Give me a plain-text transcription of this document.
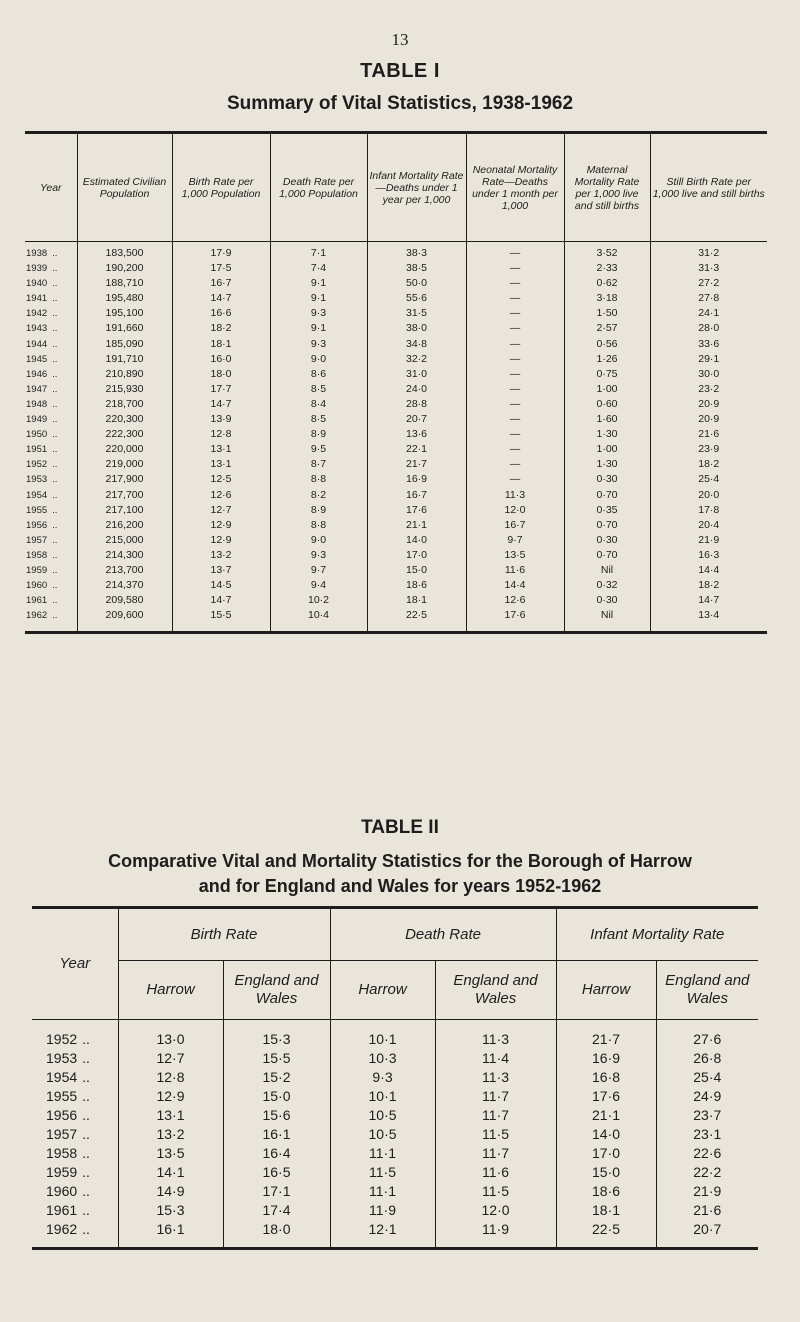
13
TABLE I
Summary of Vital Statistics, 1938-1962
Year	Estimated Civilian Population	Birth Rate per 1,000 Population	Death Rate per 1,000 Population	Infant Mortality Rate—Deaths under 1 year per 1,000	Neonatal Mortality Rate—Deaths under 1 month per 1,000	Maternal Mortality Rate per 1,000 live and still births	Still Birth Rate per 1,000 live and still births
1938 ..	183,500	17·9	7·1	38·3	—	3·52	31·2
1939 ..	190,200	17·5	7·4	38·5	—	2·33	31·3
1940 ..	188,710	16·7	9·1	50·0	—	0·62	27·2
1941 ..	195,480	14·7	9·1	55·6	—	3·18	27·8
1942 ..	195,100	16·6	9·3	31·5	—	1·50	24·1
1943 ..	191,660	18·2	9·1	38·0	—	2·57	28·0
1944 ..	185,090	18·1	9·3	34·8	—	0·56	33·6
1945 ..	191,710	16·0	9·0	32·2	—	1·26	29·1
1946 ..	210,890	18·0	8·6	31·0	—	0·75	30·0
1947 ..	215,930	17·7	8·5	24·0	—	1·00	23·2
1948 ..	218,700	14·7	8·4	28·8	—	0·60	20·9
1949 ..	220,300	13·9	8·5	20·7	—	1·60	20·9
1950 ..	222,300	12·8	8·9	13·6	—	1·30	21·6
1951 ..	220,000	13·1	9·5	22·1	—	1·00	23·9
1952 ..	219,000	13·1	8·7	21·7	—	1·30	18·2
1953 ..	217,900	12·5	8·8	16·9	—	0·30	25·4
1954 ..	217,700	12·6	8·2	16·7	11·3	0·70	20·0
1955 ..	217,100	12·7	8·9	17·6	12·0	0·35	17·8
1956 ..	216,200	12·9	8·8	21·1	16·7	0·70	20·4
1957 ..	215,000	12·9	9·0	14·0	9·7	0·30	21·9
1958 ..	214,300	13·2	9·3	17·0	13·5	0·70	16·3
1959 ..	213,700	13·7	9·7	15·0	11·6	Nil	14·4
1960 ..	214,370	14·5	9·4	18·6	14·4	0·32	18·2
1961 ..	209,580	14·7	10·2	18·1	12·6	0·30	14·7
1962 ..	209,600	15·5	10·4	22·5	17·6	Nil	13·4
TABLE II
Comparative Vital and Mortality Statistics for the Borough of Harrow
and for England and Wales for years 1952-1962
Year	Birth Rate		Death Rate		Infant Mortality Rate	
	Harrow	England and Wales	Harrow	England and Wales	Harrow	England and Wales
1952 ..	13·0	15·3	10·1	11·3	21·7	27·6
1953 ..	12·7	15·5	10·3	11·4	16·9	26·8
1954 ..	12·8	15·2	9·3	11·3	16·8	25·4
1955 ..	12·9	15·0	10·1	11·7	17·6	24·9
1956 ..	13·1	15·6	10·5	11·7	21·1	23·7
1957 ..	13·2	16·1	10·5	11·5	14·0	23·1
1958 ..	13·5	16·4	11·1	11·7	17·0	22·6
1959 ..	14·1	16·5	11·5	11·6	15·0	22·2
1960 ..	14·9	17·1	11·1	11·5	18·6	21·9
1961 ..	15·3	17·4	11·9	12·0	18·1	21·6
1962 ..	16·1	18·0	12·1	11·9	22·5	20·7
